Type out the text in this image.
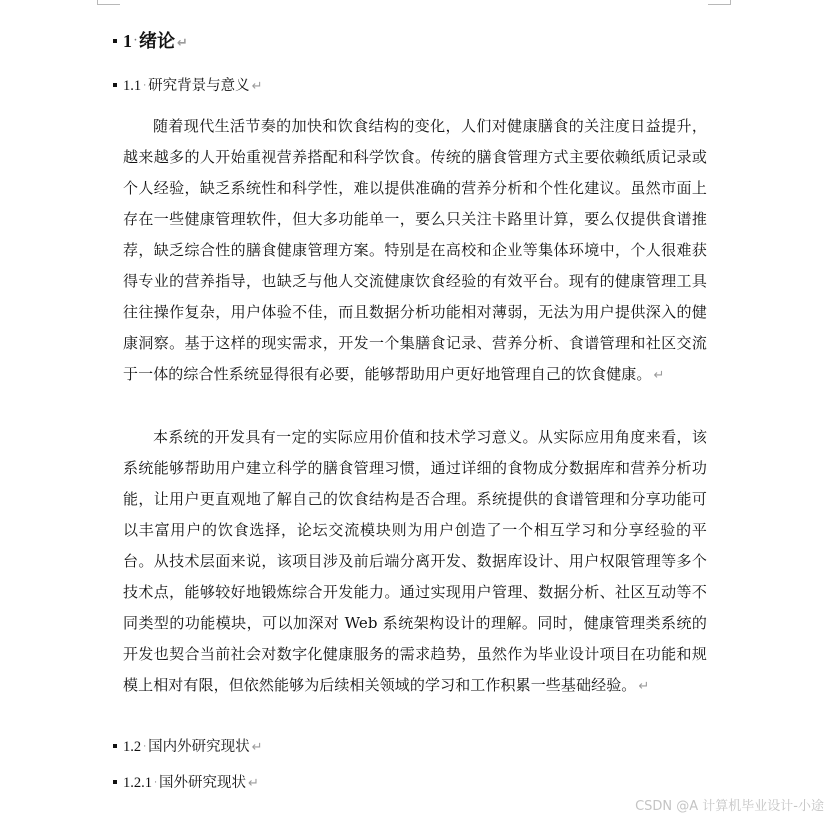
1 · 绪论 ↵
1.1 · 研究背景与意义 ↵

随着现代生活节奏的加快和饮食结构的变化，人们对健康膳食的关注度日益提升，越来越多的人开始重视营养搭配和科学饮食。传统的膳食管理方式主要依赖纸质记录或个人经验，缺乏系统性和科学性，难以提供准确的营养分析和个性化建议。虽然市面上存在一些健康管理软件，但大多功能单一，要么只关注卡路里计算，要么仅提供食谱推荐，缺乏综合性的膳食健康管理方案。特别是在高校和企业等集体环境中，个人很难获得专业的营养指导，也缺乏与他人交流健康饮食经验的有效平台。现有的健康管理工具往往操作复杂，用户体验不佳，而且数据分析功能相对薄弱，无法为用户提供深入的健康洞察。基于这样的现实需求，开发一个集膳食记录、营养分析、食谱管理和社区交流于一体的综合性系统显得很有必要，能够帮助用户更好地管理自己的饮食健康。 ↵

本系统的开发具有一定的实际应用价值和技术学习意义。从实际应用角度来看，该系统能够帮助用户建立科学的膳食管理习惯，通过详细的食物成分数据库和营养分析功能，让用户更直观地了解自己的饮食结构是否合理。系统提供的食谱管理和分享功能可以丰富用户的饮食选择，论坛交流模块则为用户创造了一个相互学习和分享经验的平台。从技术层面来说，该项目涉及前后端分离开发、数据库设计、用户权限管理等多个技术点，能够较好地锻炼综合开发能力。通过实现用户管理、数据分析、社区互动等不同类型的功能模块，可以加深对 Web 系统架构设计的理解。同时，健康管理类系统的开发也契合当前社会对数字化健康服务的需求趋势，虽然作为毕业设计项目在功能和规模上相对有限，但依然能够为后续相关领域的学习和工作积累一些基础经验。 ↵

1.2 · 国内外研究现状 ↵
1.2.1 · 国外研究现状 ↵
CSDN @A 计算机毕业设计-小途
